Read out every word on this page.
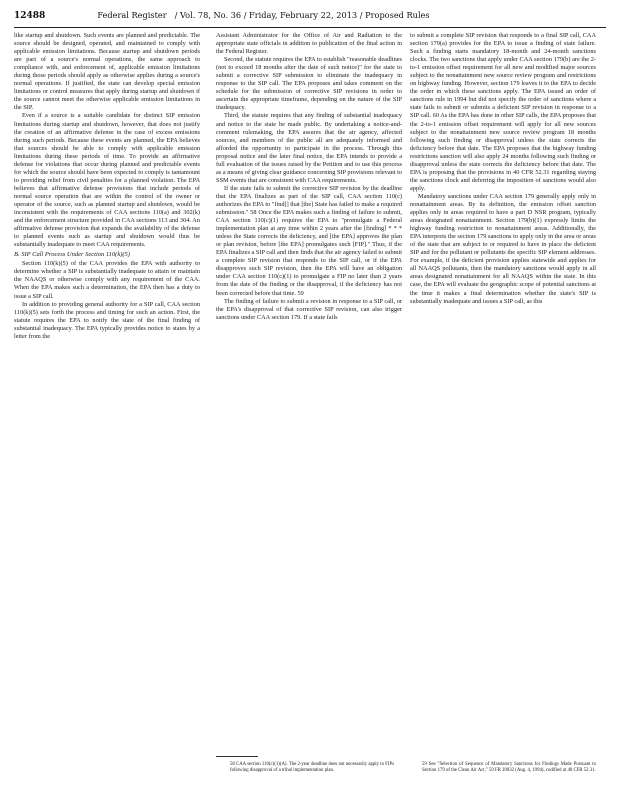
12488	Federal Register / Vol. 78, No. 36 / Friday, February 22, 2013 / Proposed Rules

like startup and shutdown. Such events are planned and predictable. The source should be designed, operated, and maintained to comply with applicable emission limitations. Because startup and shutdown periods are part of a source's normal operations, the same approach to compliance with, and enforcement of, applicable emission limitations during those periods should apply as otherwise applies during a source's normal operations. If justified, the state can develop special emission limitations or control measures that apply during startup and shutdown if the source cannot meet the otherwise applicable emission limitations in the SIP.

Even if a source is a suitable candidate for distinct SIP emission limitations during startup and shutdown, however, that does not justify the creation of an affirmative defense in the case of excess emissions during such periods. Because these events are planned, the EPA believes that sources should be able to comply with applicable emission limitations during these periods of time. To provide an affirmative defense for violations that occur during planned and predictable events for which the source should have been expected to comply is tantamount to providing relief from civil penalties for a planned violation. The EPA believes that affirmative defense provisions that include periods of normal source operation that are within the control of the owner or operator of the source, such as planned startup and shutdown, would be inconsistent with the requirements of CAA sections 110(a) and 302(k) and the enforcement structure provided in CAA sections 113 and 304. An affirmative defense provision that expands the availability of the defense to planned events such as startup and shutdown would thus be substantially inadequate to meet CAA requirements.

B. SIP Call Process Under Section 110(k)(5)

Section 110(k)(5) of the CAA provides the EPA with authority to determine whether a SIP is substantially inadequate to attain or maintain the NAAQS or otherwise comply with any requirement of the CAA. When the EPA makes such a determination, the EPA then has a duty to issue a SIP call.

In addition to providing general authority for a SIP call, CAA section 110(k)(5) sets forth the process and timing for such an action. First, the statute requires the EPA to notify the state of the final finding of substantial inadequacy. The EPA typically provides notice to states by a letter from the

Assistant Administrator for the Office of Air and Radiation to the appropriate state officials in addition to publication of the final action in the Federal Register.

Second, the statute requires the EPA to establish "reasonable deadlines (not to exceed 18 months after the date of such notice)" for the state to submit a corrective SIP submission to eliminate the inadequacy in response to the SIP call. The EPA proposes and takes comment on the schedule for the submission of corrective SIP revisions in order to ascertain the appropriate timeframe, depending on the nature of the SIP inadequacy.

Third, the statute requires that any finding of substantial inadequacy and notice to the state be made public. By undertaking a notice-and-comment rulemaking, the EPA assures that the air agency, affected sources, and members of the public all are adequately informed and afforded the opportunity to participate in the process. Through this proposal notice and the later final notice, the EPA intends to provide a full evaluation of the issues raised by the Petition and to use this process as a means of giving clear guidance concerning SIP provisions relevant to SSM events that are consistent with CAA requirements.

If the state fails to submit the corrective SIP revision by the deadline that the EPA finalizes as part of the SIP call, CAA section 110(c) authorizes the EPA to "find[] that [the] State has failed to make a required submission." 58 Once the EPA makes such a finding of failure to submit, CAA section 110(c)(1) requires the EPA to "promulgate a Federal implementation plan at any time within 2 years after the [finding] * * * unless the State corrects the deficiency, and [the EPA] approves the plan or plan revision, before [the EPA] promulgates such [FIP]." Thus, if the EPA finalizes a SIP call and then finds that the air agency failed to submit a complete SIP revision that responds to the SIP call, or if the EPA disapproves such SIP revision, then the EPA will have an obligation under CAA section 110(c)(1) to promulgate a FIP no later than 2 years from the date of the finding or the disapproval, if the deficiency has not been corrected before that time. 59

The finding of failure to submit a revision in response to a SIP call, or the EPA's disapproval of that corrective SIP revision, can also trigger sanctions under CAA section 179. If a state fails

to submit a complete SIP revision that responds to a final SIP call, CAA section 179(a) provides for the EPA to issue a finding of state failure. Such a finding starts mandatory 18-month and 24-month sanctions clocks. The two sanctions that apply under CAA section 179(b) are the 2-to-1 emission offset requirement for all new and modified major sources subject to the nonattainment new source review program and restrictions on highway funding. However, section 179 leaves it to the EPA to decide the order in which these sanctions apply. The EPA issued an order of sanctions rule in 1994 but did not specify the order of sanctions where a state fails to submit or submits a deficient SIP revision in response to a SIP call. 60 As the EPA has done in other SIP calls, the EPA proposes that the 2-to-1 emission offset requirement will apply for all new sources subject to the nonattainment new source review program 18 months following such finding or disapproval unless the state corrects the deficiency before that date. The EPA proposes that the highway funding restrictions sanction will also apply 24 months following such finding or disapproval unless the state corrects the deficiency before that date. The EPA is proposing that the provisions in 40 CFR 52.31 regarding staying the sanctions clock and deferring the imposition of sanctions would also apply.

Mandatory sanctions under CAA section 179 generally apply only in nonattainment areas. By its definition, the emission offset sanction applies only in areas required to have a part D NSR program, typically areas designated nonattainment. Section 179(b)(1) expressly limits the highway funding restriction to nonattainment areas. Additionally, the EPA interprets the section 179 sanctions to apply only in the area or areas of the state that are subject to or required to have in place the deficient SIP and for the pollutant or pollutants the specific SIP element addresses. For example, if the deficient provision applies statewide and applies for all NAAQS pollutants, then the mandatory sanctions would apply in all areas designated nonattainment for all NAAQS within the state. In this case, the EPA will evaluate the geographic scope of potential sanctions at the time it makes a final determination whether the state's SIP is substantially inadequate and issues a SIP call, as this

58 CAA section 110(c)(1)(A). The 2-year deadline does not necessarily apply to FIPs following disapproval of a tribal implementation plan.

59 See "Selection of Sequence of Mandatory Sanctions for Findings Made Pursuant to Section 179 of the Clean Air Act," 59 FR 39832 (Aug. 4, 1994), codified at 40 CFR 52.31.
